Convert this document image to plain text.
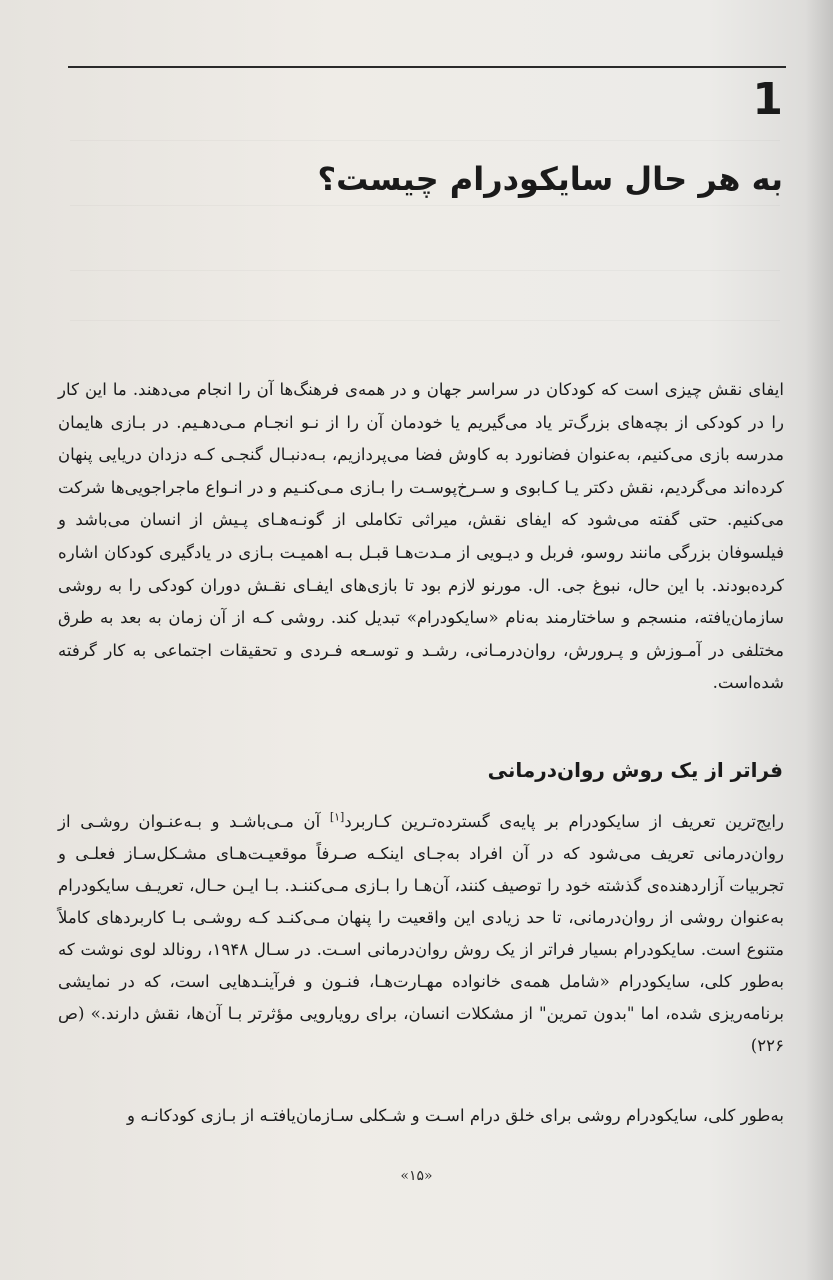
1
به هر حال سایکودرام چیست؟

ایفای نقش چیزی است که کودکان در سراسر جهان و در همه‌ی فرهنگ‌ها آن را انجام می‌دهند. ما این کار را در کودکی از بچه‌های بزرگ‌تر یاد می‌گیریم یا خودمان آن را از نـو انجـام مـی‌دهـیم. در بـازی هایمان مدرسه بازی می‌کنیم، به‌عنوان فضانورد به کاوش فضا می‌پردازیم، بـه‌دنبـال گنجـی کـه دزدان دریایی پنهان کرده‌اند می‌گردیم، نقش دکتر یـا کـابوی و سـرخ‌پوسـت را بـازی مـی‌کنـیم و در انـواع ماجراجویی‌ها شرکت می‌کنیم. حتی گفته می‌شود که ایفای نقش، میراثی تکاملی از گونـه‌هـای پـیش از انسان می‌باشد و فیلسوفان بزرگی مانند روسو، فربل و دیـویی از مـدت‌هـا قبـل بـه اهمیـت بـازی در یادگیری کودکان اشاره کرده‌بودند. با این حال، نبوغ جی. ال. مورنو لازم بود تا بازی‌های ایفـای نقـش دوران کودکی را به روشی سازمان‌یافته، منسجم و ساختارمند به‌نام «سایکودرام» تبدیل کند. روشی کـه از آن زمان به بعد به طرق مختلفی در آمـوزش و پـرورش، روان‌درمـانی، رشـد و توسـعه فـردی و تحقیقات اجتماعی به کار گرفته شده‌است.

فراتر از یک روش روان‌درمانی

رایج‌ترین تعریف از سایکودرام بر پایه‌ی گسترده‌تـرین کـاربرد[۱] آن مـی‌باشـد و بـه‌عنـوان روشـی از روان‌درمانی تعریف می‌شود که در آن افراد به‌جـای اینکـه صـرفاً موقعیـت‌هـای مشـکل‌سـاز فعلـی و تجربیات آزاردهنده‌ی گذشته خود را توصیف کنند، آن‌هـا را بـازی مـی‌کننـد. بـا ایـن حـال، تعریـف سایکودرام به‌عنوان روشی از روان‌درمانی، تا حد زیادی این واقعیت را پنهان مـی‌کنـد کـه روشـی بـا کاربردهای کاملاً متنوع است. سایکودرام بسیار فراتر از یک روش روان‌درمانی اسـت. در سـال ۱۹۴۸، رونالد لوی نوشت که به‌طور کلی، سایکودرام «شامل همه‌ی خانواده مهـارت‌هـا، فنـون و فرآینـدهایی است، که در نمایشی برنامه‌ریزی شده، اما "بدون تمرین" از مشکلات انسان، برای رویارویی مؤثرتر بـا آن‌ها، نقش دارند.» (ص ۲۲۶)

به‌طور کلی، سایکودرام روشی برای خلق درام اسـت و شـکلی سـازمان‌یافتـه از بـازی کودکانـه و

«۱۵»
